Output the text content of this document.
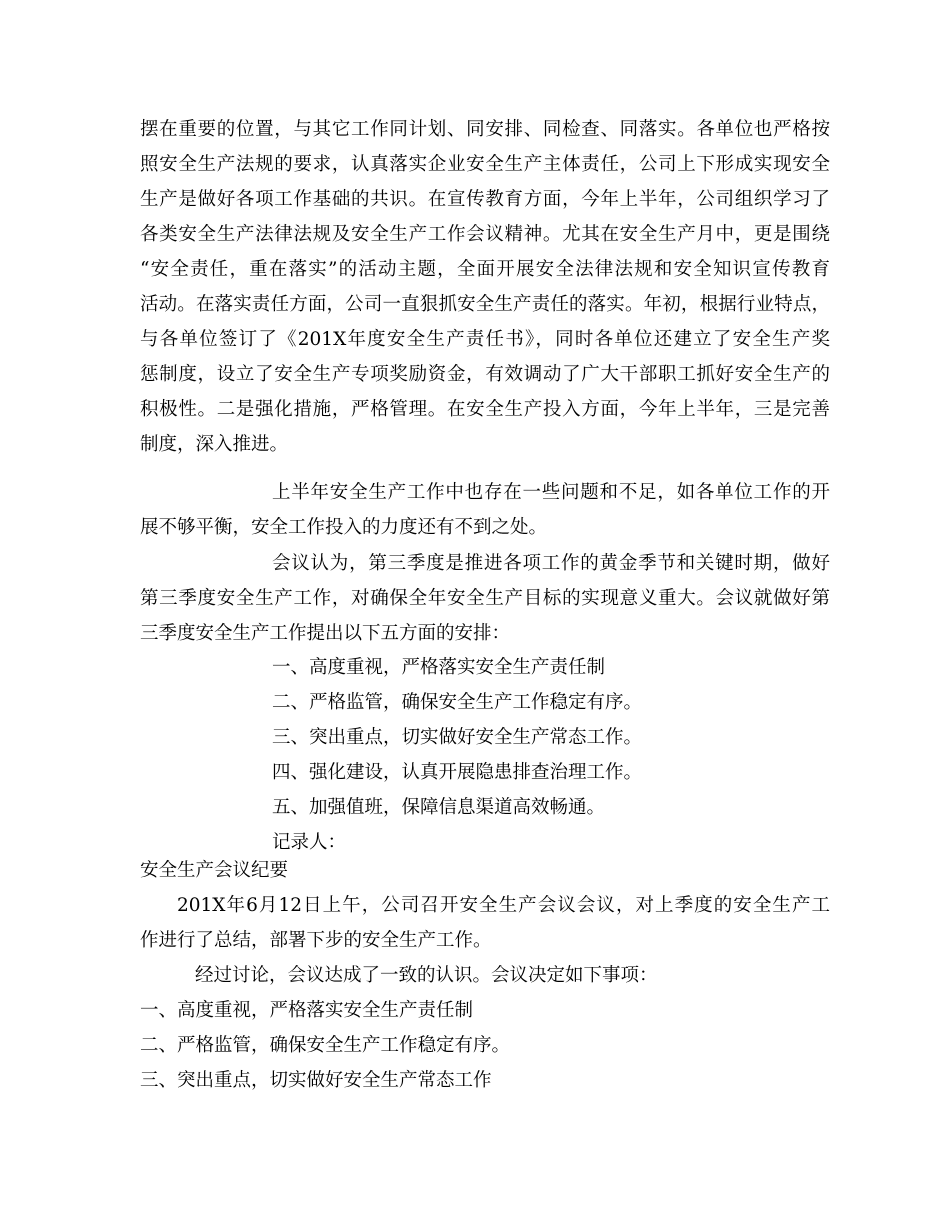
摆在重要的位置，与其它工作同计划、同安排、同检查、同落实。各单位也严格按
照安全生产法规的要求，认真落实企业安全生产主体责任，公司上下形成实现安全
生产是做好各项工作基础的共识。在宣传教育方面，今年上半年，公司组织学习了
各类安全生产法律法规及安全生产工作会议精神。尤其在安全生产月中，更是围绕
“安全责任，重在落实”的活动主题，全面开展安全法律法规和安全知识宣传教育
活动。在落实责任方面，公司一直狠抓安全生产责任的落实。年初，根据行业特点，
与各单位签订了《201X年度安全生产责任书》，同时各单位还建立了安全生产奖
惩制度，设立了安全生产专项奖励资金，有效调动了广大干部职工抓好安全生产的
积极性。二是强化措施，严格管理。在安全生产投入方面，今年上半年，三是完善
制度，深入推进。
上半年安全生产工作中也存在一些问题和不足，如各单位工作的开
展不够平衡，安全工作投入的力度还有不到之处。
会议认为，第三季度是推进各项工作的黄金季节和关键时期，做好
第三季度安全生产工作，对确保全年安全生产目标的实现意义重大。会议就做好第
三季度安全生产工作提出以下五方面的安排：
一、高度重视，严格落实安全生产责任制
二、严格监管，确保安全生产工作稳定有序。
三、突出重点，切实做好安全生产常态工作。
四、强化建设，认真开展隐患排查治理工作。
五、加强值班，保障信息渠道高效畅通。
记录人：
安全生产会议纪要
201X年6月12日上午，公司召开安全生产会议会议，对上季度的安全生产工
作进行了总结，部署下步的安全生产工作。
经过讨论，会议达成了一致的认识。会议决定如下事项：
一、高度重视，严格落实安全生产责任制
二、严格监管，确保安全生产工作稳定有序。
三、突出重点，切实做好安全生产常态工作
